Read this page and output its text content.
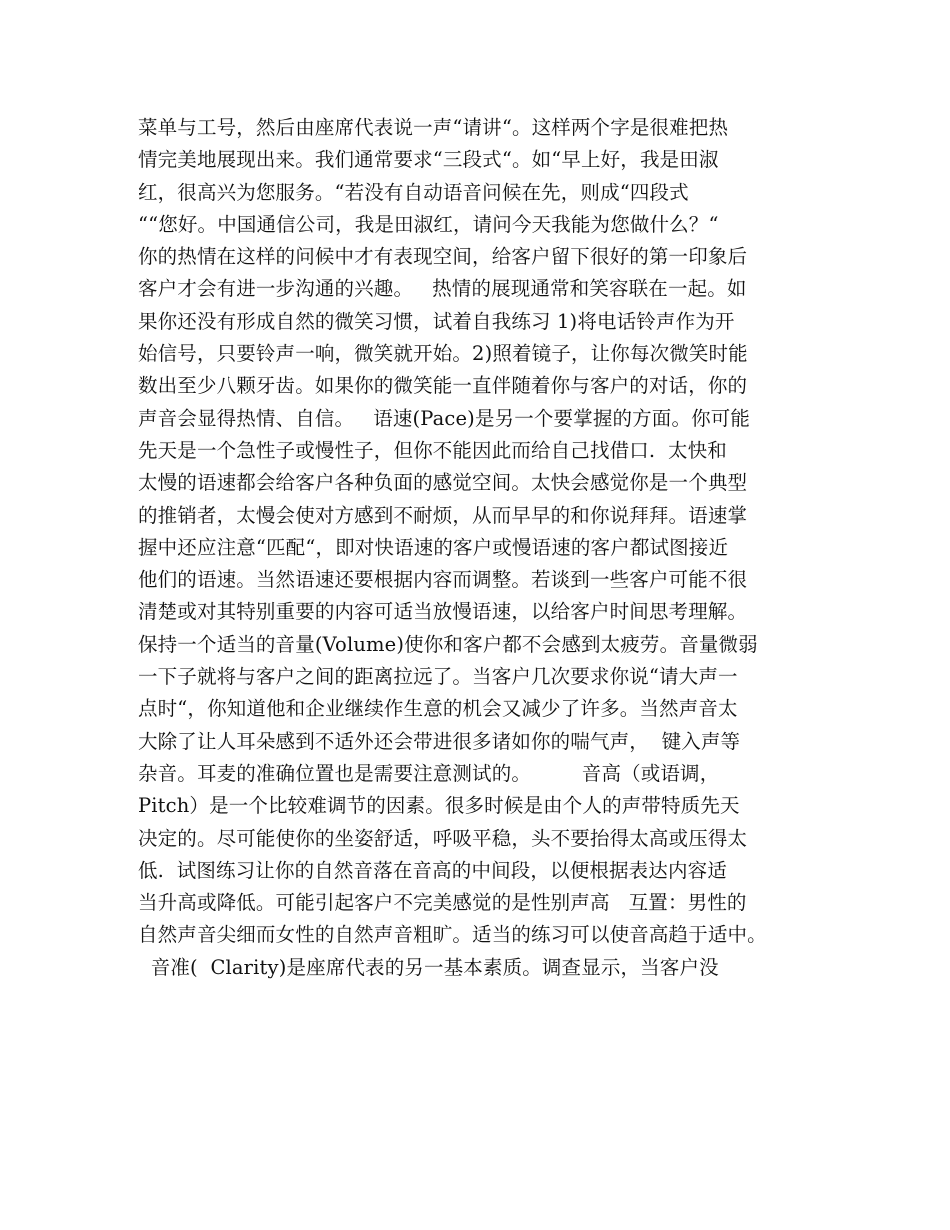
菜单与工号，然后由座席代表说一声“请讲“。这样两个字是很难把热
情完美地展现出来。我们通常要求“三段式“。如“早上好，我是田淑
红，很高兴为您服务。“若没有自动语音问候在先，则成“四段式
““您好。中国通信公司，我是田淑红，请问今天我能为您做什么？“
你的热情在这样的问候中才有表现空间，给客户留下很好的第一印象后
客户才会有进一步沟通的兴趣。   热情的展现通常和笑容联在一起。如
果你还没有形成自然的微笑习惯，试着自我练习 1)将电话铃声作为开
始信号，只要铃声一响，微笑就开始。2)照着镜子，让你每次微笑时能
数出至少八颗牙齿。如果你的微笑能一直伴随着你与客户的对话，你的
声音会显得热情、自信。   语速(Pace)是另一个要掌握的方面。你可能
先天是一个急性子或慢性子，但你不能因此而给自己找借口.  太快和
太慢的语速都会给客户各种负面的感觉空间。太快会感觉你是一个典型
的推销者，太慢会使对方感到不耐烦，从而早早的和你说拜拜。语速掌
握中还应注意“匹配“，即对快语速的客户或慢语速的客户都试图接近
他们的语速。当然语速还要根据内容而调整。若谈到一些客户可能不很
清楚或对其特别重要的内容可适当放慢语速，以给客户时间思考理解。
保持一个适当的音量(Volume)使你和客户都不会感到太疲劳。音量微弱
一下子就将与客户之间的距离拉远了。当客户几次要求你说“请大声一
点时“，你知道他和企业继续作生意的机会又减少了许多。当然声音太
大除了让人耳朵感到不适外还会带进很多诸如你的喘气声，  键入声等
杂音。耳麦的准确位置也是需要注意测试的。        音高（或语调，
Pitch）是一个比较难调节的因素。很多时候是由个人的声带特质先天
决定的。尽可能使你的坐姿舒适，呼吸平稳，头不要抬得太高或压得太
低.  试图练习让你的自然音落在音高的中间段，以便根据表达内容适
当升高或降低。可能引起客户不完美感觉的是性别声高   互置：男性的
自然声音尖细而女性的自然声音粗旷。适当的练习可以使音高趋于适中。
音准(  Clarity)是座席代表的另一基本素质。调查显示，当客户没
